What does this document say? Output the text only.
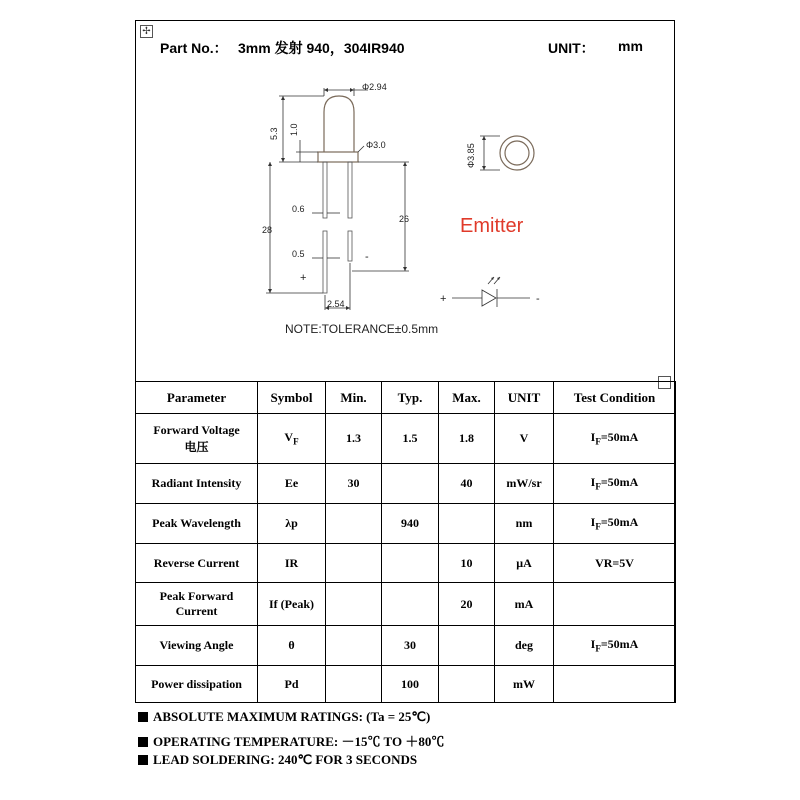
✢
Part No.： 3mm 发射 940，304IR940	UNIT： mm
Φ2.94
Φ3.0
5.3 1.0
0.6
0.5
28
26
2.54
+
-
Φ3.85
+	-
Emitter
NOTE:TOLERANCE±0.5mm
Parameter	Symbol	Min.	Typ.	Max.	UNIT	Test Condition

Forward Voltage
电压	$V_F$	1.3	1.5	1.8	V	$I_F=50mA$

Radiant Intensity	Ee	30		40	mW/sr	$I_F=50mA$

Peak Wavelength	λp		940		nm	$I_F=50mA$

Reverse Current	IR			10	μA	VR=5V

Peak Forward
Current	If (Peak)			20	mA	

Viewing Angle	θ		30		deg	$I_F=50mA$

Power dissipation	Pd		100		mW	
ABSOLUTE MAXIMUM RATINGS: (Ta = 25℃)
OPERATING TEMPERATURE: －15℃ TO ＋80℃
LEAD SOLDERING: 240℃ FOR 3 SECONDS
